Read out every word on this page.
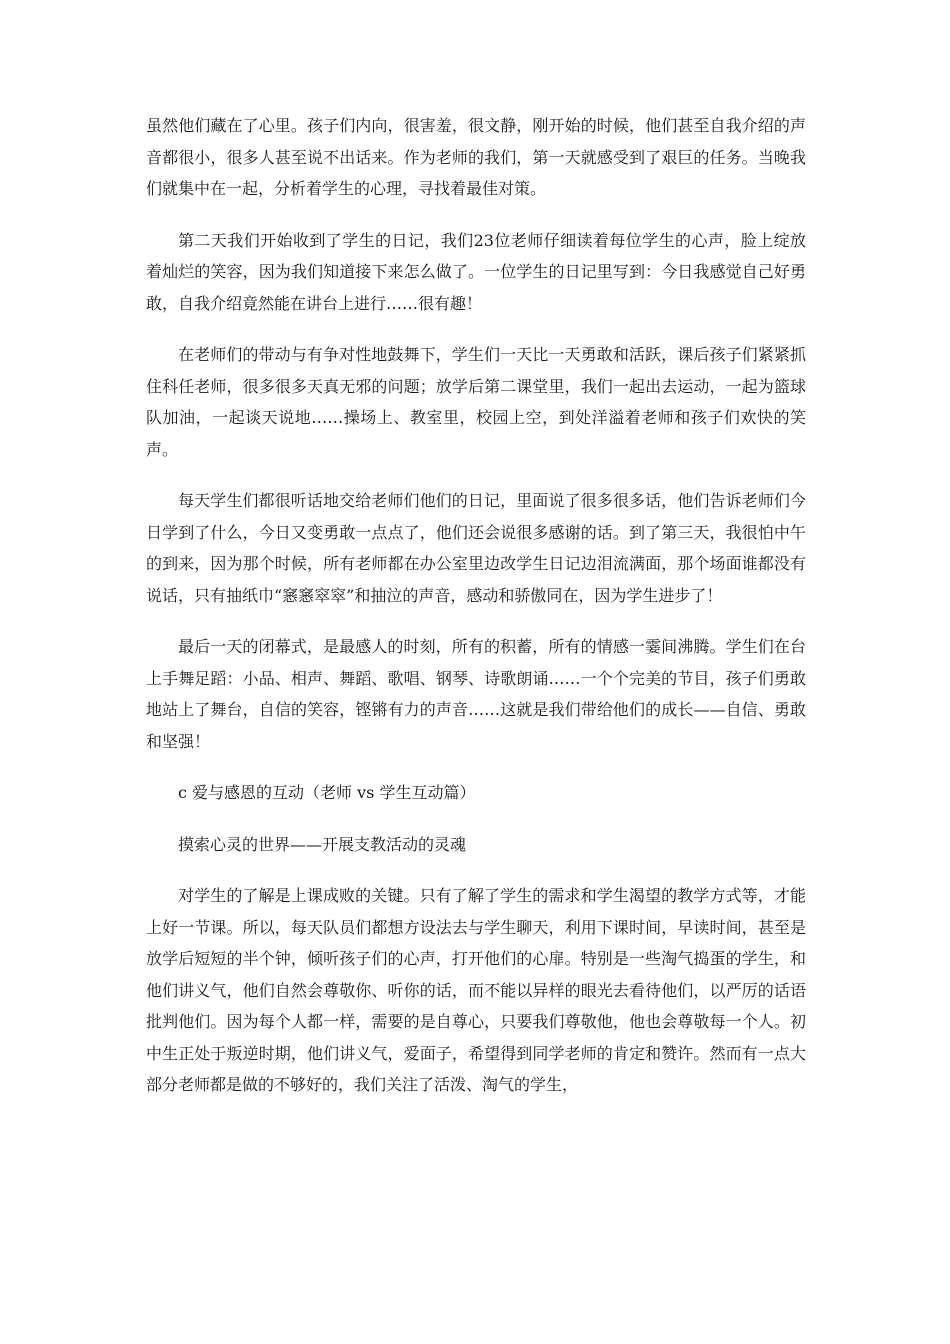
虽然他们藏在了心里。孩子们内向，很害羞，很文静，刚开始的时候，他们甚至自我介绍的声音都很小，很多人甚至说不出话来。作为老师的我们，第一天就感受到了艰巨的任务。当晚我们就集中在一起，分析着学生的心理，寻找着最佳对策。

第二天我们开始收到了学生的日记，我们23位老师仔细读着每位学生的心声，脸上绽放着灿烂的笑容，因为我们知道接下来怎么做了。一位学生的日记里写到：今日我感觉自己好勇敢，自我介绍竟然能在讲台上进行……很有趣！

在老师们的带动与有争对性地鼓舞下，学生们一天比一天勇敢和活跃，课后孩子们紧紧抓住科任老师，很多很多天真无邪的问题；放学后第二课堂里，我们一起出去运动，一起为篮球队加油，一起谈天说地……操场上、教室里，校园上空，到处洋溢着老师和孩子们欢快的笑声。

每天学生们都很听话地交给老师们他们的日记，里面说了很多很多话，他们告诉老师们今日学到了什么，今日又变勇敢一点点了，他们还会说很多感谢的话。到了第三天，我很怕中午的到来，因为那个时候，所有老师都在办公室里边改学生日记边泪流满面，那个场面谁都没有说话，只有抽纸巾“窸窸窣窣”和抽泣的声音，感动和骄傲同在，因为学生进步了！

最后一天的闭幕式，是最感人的时刻，所有的积蓄，所有的情感一霎间沸腾。学生们在台上手舞足蹈：小品、相声、舞蹈、歌唱、钢琴、诗歌朗诵……一个个完美的节目，孩子们勇敢地站上了舞台，自信的笑容，铿锵有力的声音……这就是我们带给他们的成长——自信、勇敢和坚强！

c 爱与感恩的互动（老师 vs 学生互动篇）

摸索心灵的世界——开展支教活动的灵魂

对学生的了解是上课成败的关键。只有了解了学生的需求和学生渴望的教学方式等，才能上好一节课。所以，每天队员们都想方设法去与学生聊天，利用下课时间，早读时间，甚至是放学后短短的半个钟，倾听孩子们的心声，打开他们的心扉。特别是一些淘气捣蛋的学生，和他们讲义气，他们自然会尊敬你、听你的话，而不能以异样的眼光去看待他们，以严厉的话语批判他们。因为每个人都一样，需要的是自尊心，只要我们尊敬他，他也会尊敬每一个人。初中生正处于叛逆时期，他们讲义气，爱面子，希望得到同学老师的肯定和赞许。然而有一点大部分老师都是做的不够好的，我们关注了活泼、淘气的学生，
